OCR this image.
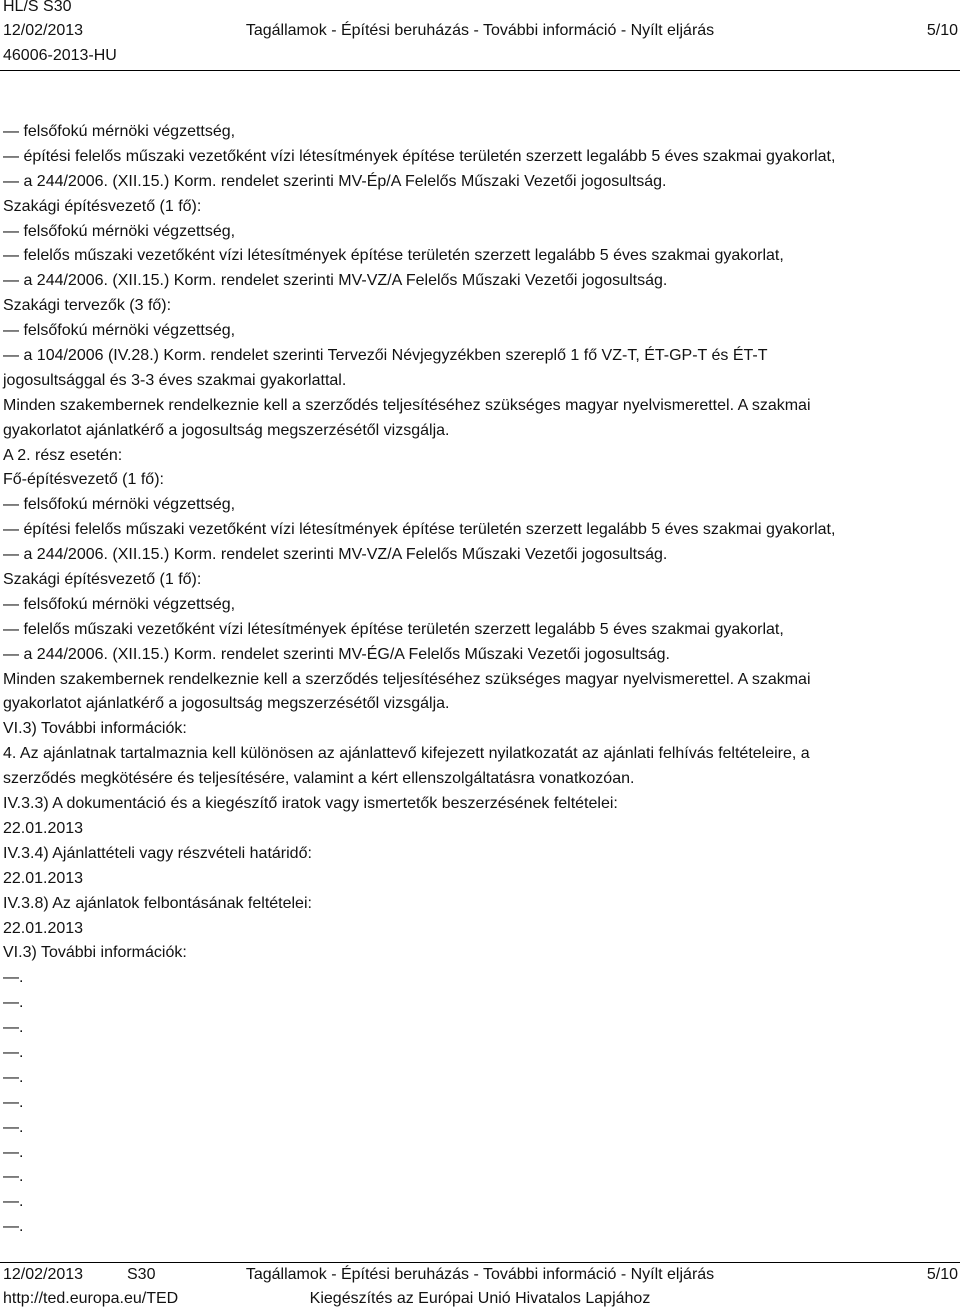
HL/S S30
12/02/2013
46006-2013-HU
Tagállamok - Építési beruházás - További információ - Nyílt eljárás	5/10
— felsőfokú mérnöki végzettség,
— építési felelős műszaki vezetőként vízi létesítmények építése területén szerzett legalább 5 éves szakmai gyakorlat,
— a 244/2006. (XII.15.) Korm. rendelet szerinti MV-Ép/A Felelős Műszaki Vezetői jogosultság.
Szakági építésvezető (1 fő):
— felsőfokú mérnöki végzettség,
— felelős műszaki vezetőként vízi létesítmények építése területén szerzett legalább 5 éves szakmai gyakorlat,
— a 244/2006. (XII.15.) Korm. rendelet szerinti MV-VZ/A Felelős Műszaki Vezetői jogosultság.
Szakági tervezők (3 fő):
— felsőfokú mérnöki végzettség,
— a 104/2006 (IV.28.) Korm. rendelet szerinti Tervezői Névjegyzékben szereplő 1 fő VZ-T, ÉT-GP-T és ÉT-T
jogosultsággal és 3-3 éves szakmai gyakorlattal.
Minden szakembernek rendelkeznie kell a szerződés teljesítéséhez szükséges magyar nyelvismerettel. A szakmai
gyakorlatot ajánlatkérő a jogosultság megszerzésétől vizsgálja.
A 2. rész esetén:
Fő-építésvezető (1 fő):
— felsőfokú mérnöki végzettség,
— építési felelős műszaki vezetőként vízi létesítmények építése területén szerzett legalább 5 éves szakmai gyakorlat,
— a 244/2006. (XII.15.) Korm. rendelet szerinti MV-VZ/A Felelős Műszaki Vezetői jogosultság.
Szakági építésvezető (1 fő):
— felsőfokú mérnöki végzettség,
— felelős műszaki vezetőként vízi létesítmények építése területén szerzett legalább 5 éves szakmai gyakorlat,
— a 244/2006. (XII.15.) Korm. rendelet szerinti MV-ÉG/A Felelős Műszaki Vezetői jogosultság.
Minden szakembernek rendelkeznie kell a szerződés teljesítéséhez szükséges magyar nyelvismerettel. A szakmai
gyakorlatot ajánlatkérő a jogosultság megszerzésétől vizsgálja.
VI.3) További információk:
4. Az ajánlatnak tartalmaznia kell különösen az ajánlattevő kifejezett nyilatkozatát az ajánlati felhívás feltételeire, a
szerződés megkötésére és teljesítésére, valamint a kért ellenszolgáltatásra vonatkozóan.
IV.3.3) A dokumentáció és a kiegészítő iratok vagy ismertetők beszerzésének feltételei:
22.01.2013
IV.3.4) Ajánlattételi vagy részvételi határidő:
22.01.2013
IV.3.8) Az ajánlatok felbontásának feltételei:
22.01.2013
VI.3) További információk:
—.
—.
—.
—.
—.
—.
—.
—.
—.
—.
—.
12/02/2013	S30
http://ted.europa.eu/TED
Tagállamok - Építési beruházás - További információ - Nyílt eljárás
Kiegészítés az Európai Unió Hivatalos Lapjához
5/10
